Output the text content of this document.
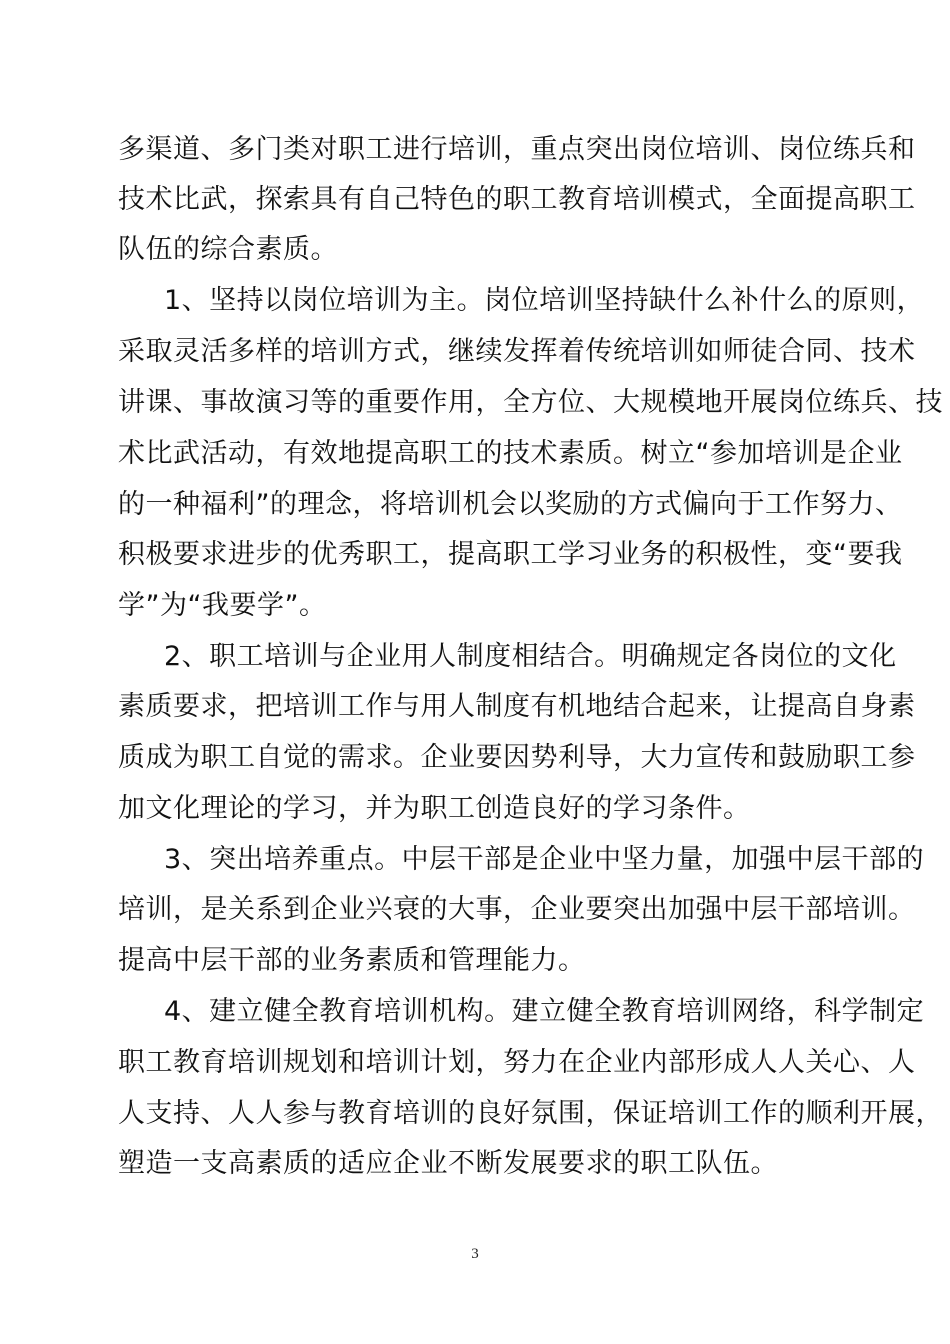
多渠道、多门类对职工进行培训，重点突出岗位培训、岗位练兵和
技术比武，探索具有自己特色的职工教育培训模式，全面提高职工
队伍的综合素质。
1、坚持以岗位培训为主。岗位培训坚持缺什么补什么的原则，
采取灵活多样的培训方式，继续发挥着传统培训如师徒合同、技术
讲课、事故演习等的重要作用，全方位、大规模地开展岗位练兵、技
术比武活动，有效地提高职工的技术素质。树立“参加培训是企业
的一种福利”的理念，将培训机会以奖励的方式偏向于工作努力、
积极要求进步的优秀职工，提高职工学习业务的积极性，变“要我
学”为“我要学”。
2、职工培训与企业用人制度相结合。明确规定各岗位的文化
素质要求，把培训工作与用人制度有机地结合起来，让提高自身素
质成为职工自觉的需求。企业要因势利导，大力宣传和鼓励职工参
加文化理论的学习，并为职工创造良好的学习条件。
3、突出培养重点。中层干部是企业中坚力量，加强中层干部的
培训，是关系到企业兴衰的大事，企业要突出加强中层干部培训。
提高中层干部的业务素质和管理能力。
4、建立健全教育培训机构。建立健全教育培训网络，科学制定
职工教育培训规划和培训计划，努力在企业内部形成人人关心、人
人支持、人人参与教育培训的良好氛围，保证培训工作的顺利开展，
塑造一支高素质的适应企业不断发展要求的职工队伍。
3
